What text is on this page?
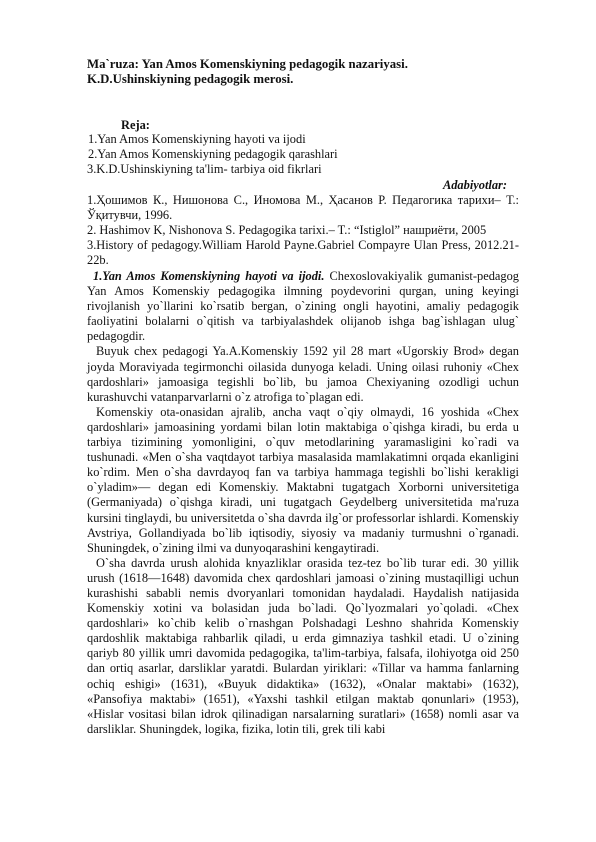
Ma`ruza: Yan Amos Komenskiyning pedagogik nazariyasi.
K.D.Ushinskiyning pedagogik merosi.
Reja:
1.Yan Amos Komenskiyning hayoti va ijodi
2.Yan Amos Komenskiyning pedagogik qarashlari
3.K.D.Ushinskiyning ta'lim- tarbiya oid fikrlari
Adabiyotlar:
1.Ҳошимов К., Нишонова С., Иномова М., Ҳасанов Р. Педагогика тарихи– Т.: Ўқитувчи, 1996.
2. Hashimov K, Nishonova S. Pedagogika tarixi.– T.: “Istiglol” нашриёти, 2005
3.History of pedagogy.William Harold Payne.Gabriel Compayre Ulan Press, 2012.21-22b.

1.Yan Amos Komenskiyning hayoti va ijodi. Chexoslovakiyalik gumanist-pedagog Yan Amos Komenskiy pedagogika ilmning poydevorini qurgan, uning keyingi rivojlanish yo`llarini ko`rsatib bergan, o`zining ongli hayotini, amaliy pedagogik faoliyatini bolalarni o`qitish va tarbiyalashdek olijanob ishga bag`ishlagan ulug` pedagogdir.

Buyuk chex pedagogi Ya.A.Komenskiy 1592 yil 28 mart «Ugorskiy Brod» degan joyda Moraviyada tegirmonchi oilasida dunyoga keladi. Uning oilasi ruhoniy «Chex qardoshlari» jamoasiga tegishli bo`lib, bu jamoa Chexiyaning ozodligi uchun kurashuvchi vatanparvarlarni o`z atrofiga to`plagan edi.

Komenskiy ota-onasidan ajralib, ancha vaqt o`qiy olmaydi, 16 yoshida «Chex qardoshlari» jamoasining yordami bilan lotin maktabiga o`qishga kiradi, bu erda u tarbiya tizimining yomonligini, o`quv metodlarining yaramasligini ko`radi va tushunadi. «Men o`sha vaqtdayot tarbiya masalasida mamlakatimni orqada ekanligini ko`rdim. Men o`sha davrdayoq fan va tarbiya hammaga tegishli bo`lishi kerakligi o`yladim»— degan edi Komenskiy. Maktabni tugatgach Xorborni universitetiga (Germaniyada) o`qishga kiradi, uni tugatgach Geydelberg universitetida ma'ruza kursini tinglaydi, bu universitetda o`sha davrda ilg`or professorlar ishlardi. Komenskiy Avstriya, Gollandiyada bo`lib iqtisodiy, siyosiy va madaniy turmushni o`rganadi. Shuningdek, o`zining ilmi va dunyoqarashini kengaytiradi.

O`sha davrda urush alohida knyazliklar orasida tez-tez bo`lib turar edi. 30 yillik urush (1618—1648) davomida chex qardoshlari jamoasi o`zining mustaqilligi uchun kurashishi sababli nemis dvoryanlari tomonidan haydaladi. Haydalish natijasida Komenskiy xotini va bolasidan juda bo`ladi. Qo`lyozmalari yo`qoladi. «Chex qardoshlari» ko`chib kelib o`rnashgan Polshadagi Leshno shahrida Komenskiy qardoshlik maktabiga rahbarlik qiladi, u erda gimnaziya tashkil etadi. U o`zining qariyb 80 yillik umri davomida pedagogika, ta'lim-tarbiya, falsafa, ilohiyotga oid 250 dan ortiq asarlar, darsliklar yaratdi. Bulardan yiriklari: «Tillar va hamma fanlarning ochiq eshigi» (1631), «Buyuk didaktika» (1632), «Onalar maktabi» (1632), «Pansofiya maktabi» (1651), «Yaxshi tashkil etilgan maktab qonunlari» (1953), «Hislar vositasi bilan idrok qilinadigan narsalarning suratlari» (1658) nomli asar va darsliklar. Shuningdek, logika, fizika, lotin tili, grek tili kabi
